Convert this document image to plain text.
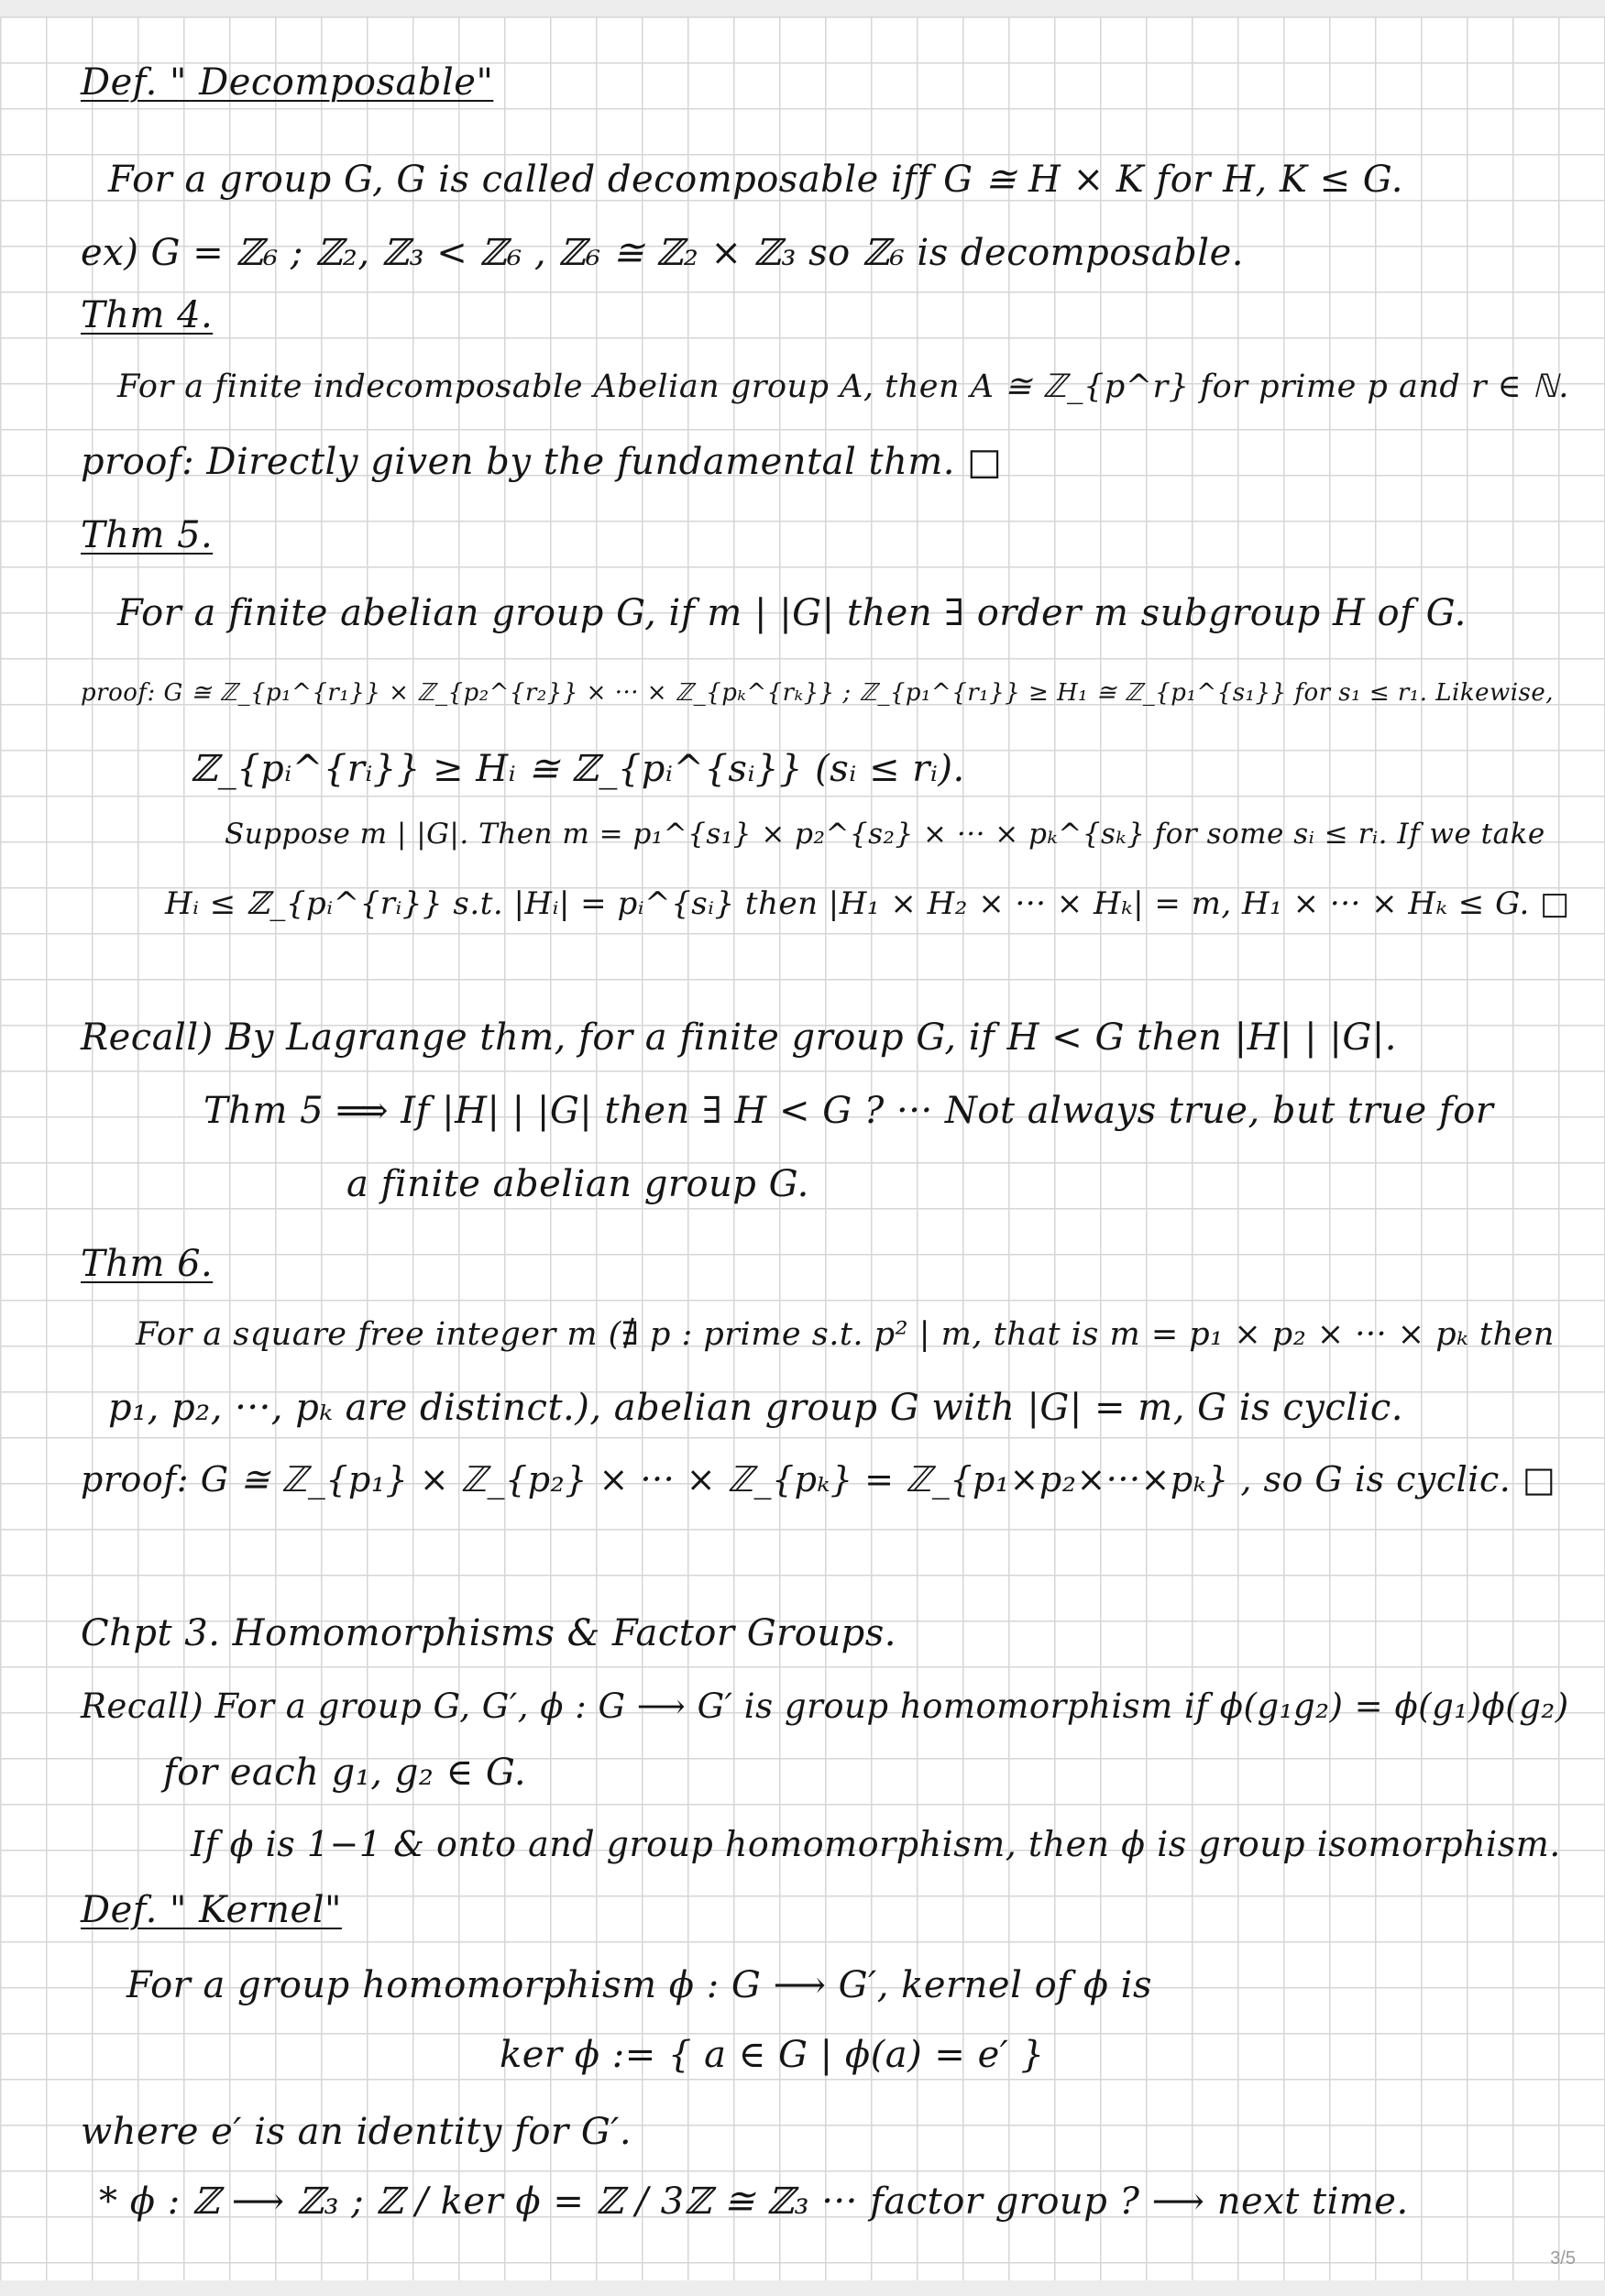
Def. " Decomposable"
For a group G, G is called decomposable iff G ≅ H × K for H, K ≤ G.
ex) G = ℤ₆ ; ℤ₂, ℤ₃ < ℤ₆ , ℤ₆ ≅ ℤ₂ × ℤ₃ so ℤ₆ is decomposable.
Thm 4.
For a finite indecomposable Abelian group A, then A ≅ ℤ_{p^r} for prime p and r ∈ ℕ.
proof: Directly given by the fundamental thm. □
Thm 5.
For a finite abelian group G, if m | |G| then ∃ order m subgroup H of G.
proof: G ≅ ℤ_{p₁^{r₁}} × ℤ_{p₂^{r₂}} × ··· × ℤ_{pₖ^{rₖ}} ; ℤ_{p₁^{r₁}} ≥ H₁ ≅ ℤ_{p₁^{s₁}} for s₁ ≤ r₁. Likewise,
ℤ_{pᵢ^{rᵢ}} ≥ Hᵢ ≅ ℤ_{pᵢ^{sᵢ}} (sᵢ ≤ rᵢ).
Suppose m | |G|. Then m = p₁^{s₁} × p₂^{s₂} × ··· × pₖ^{sₖ} for some sᵢ ≤ rᵢ. If we take
Hᵢ ≤ ℤ_{pᵢ^{rᵢ}} s.t. |Hᵢ| = pᵢ^{sᵢ} then |H₁ × H₂ × ··· × Hₖ| = m, H₁ × ··· × Hₖ ≤ G. □
Recall) By Lagrange thm, for a finite group G, if H < G then |H| | |G|.
Thm 5 ⟹ If |H| | |G| then ∃ H < G ? ··· Not always true, but true for
a finite abelian group G.
Thm 6.
For a square free integer m (∄ p : prime s.t. p² | m, that is m = p₁ × p₂ × ··· × pₖ then
p₁, p₂, ···, pₖ are distinct.), abelian group G with |G| = m, G is cyclic.
proof: G ≅ ℤ_{p₁} × ℤ_{p₂} × ··· × ℤ_{pₖ} = ℤ_{p₁×p₂×···×pₖ} , so G is cyclic. □
Chpt 3. Homomorphisms & Factor Groups.
Recall) For a group G, G′, ϕ : G ⟶ G′ is group homomorphism if ϕ(g₁g₂) = ϕ(g₁)ϕ(g₂)
for each g₁, g₂ ∈ G.
If ϕ is 1−1 & onto and group homomorphism, then ϕ is group isomorphism.
Def. " Kernel"
For a group homomorphism ϕ : G ⟶ G′, kernel of ϕ is
ker ϕ := { a ∈ G | ϕ(a) = e′ }
where e′ is an identity for G′.
* ϕ : ℤ ⟶ ℤ₃ ; ℤ / ker ϕ = ℤ / 3ℤ ≅ ℤ₃ ··· factor group ? ⟶ next time.
3/5
